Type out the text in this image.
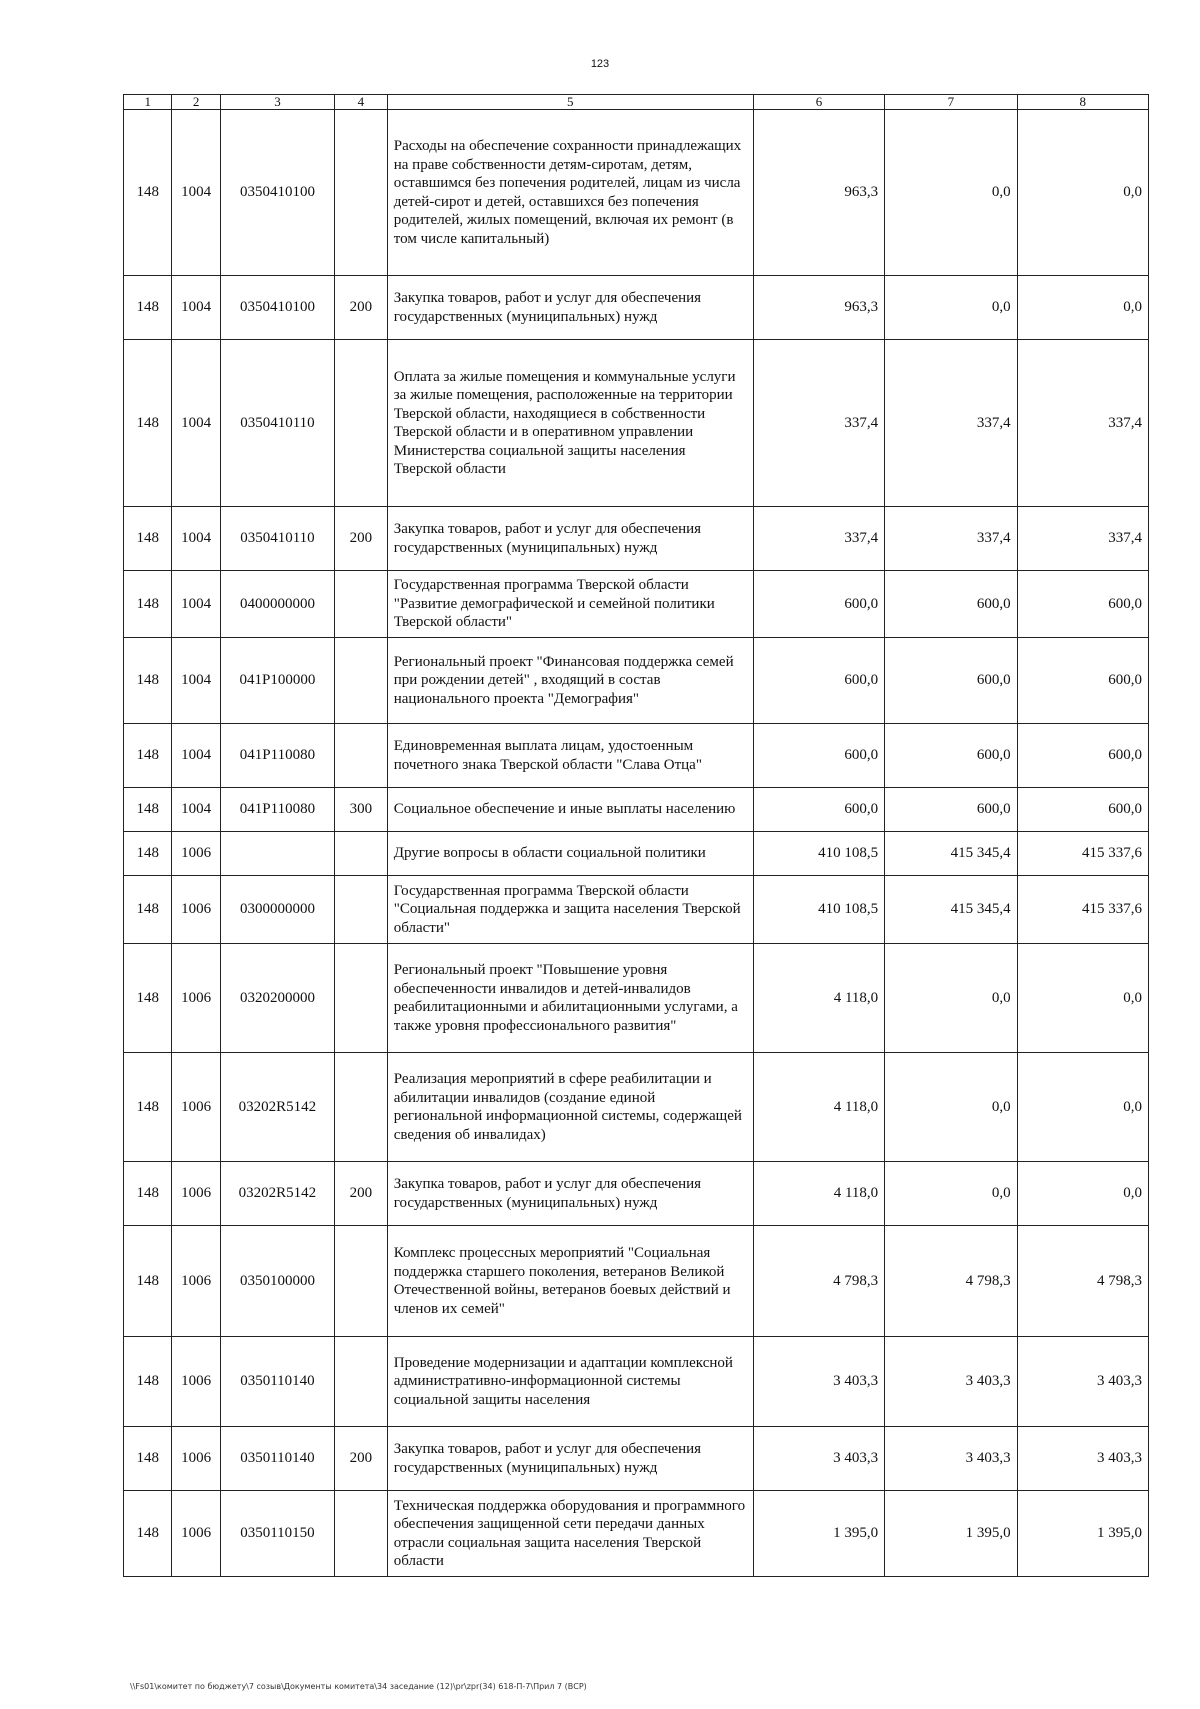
123
1	2	3	4	5	6	7	8
148	1004	0350410100		Расходы на обеспечение сохранности принадлежащих на праве собственности детям-сиротам, детям, оставшимся без попечения родителей, лицам из числа детей-сирот и детей, оставшихся без попечения родителей, жилых помещений, включая их ремонт (в том числе капитальный)	963,3	0,0	0,0
148	1004	0350410100	200	Закупка товаров, работ и услуг для обеспечения государственных (муниципальных) нужд	963,3	0,0	0,0
148	1004	0350410110		Оплата за жилые помещения и коммунальные услуги за жилые помещения, расположенные на территории Тверской области, находящиеся в собственности Тверской области и в оперативном управлении Министерства социальной защиты населения Тверской области	337,4	337,4	337,4
148	1004	0350410110	200	Закупка товаров, работ и услуг для обеспечения государственных (муниципальных) нужд	337,4	337,4	337,4
148	1004	0400000000		Государственная программа Тверской области "Развитие демографической и семейной политики Тверской области"	600,0	600,0	600,0
148	1004	041P100000		Региональный проект "Финансовая поддержка семей при рождении детей" , входящий в состав национального проекта "Демография"	600,0	600,0	600,0
148	1004	041P110080		Единовременная выплата лицам, удостоенным почетного знака Тверской области "Слава Отца"	600,0	600,0	600,0
148	1004	041P110080	300	Социальное обеспечение и иные выплаты населению	600,0	600,0	600,0
148	1006			Другие вопросы в области социальной политики	410 108,5	415 345,4	415 337,6
148	1006	0300000000		Государственная программа Тверской области "Социальная поддержка и защита населения Тверской области"	410 108,5	415 345,4	415 337,6
148	1006	0320200000		Региональный проект "Повышение уровня обеспеченности инвалидов и детей-инвалидов реабилитационными и абилитационными услугами, а также уровня профессионального развития"	4 118,0	0,0	0,0
148	1006	03202R5142		Реализация мероприятий в сфере реабилитации и абилитации инвалидов (создание единой региональной информационной системы, содержащей сведения об инвалидах)	4 118,0	0,0	0,0
148	1006	03202R5142	200	Закупка товаров, работ и услуг для обеспечения государственных (муниципальных) нужд	4 118,0	0,0	0,0
148	1006	0350100000		Комплекс процессных мероприятий "Социальная поддержка старшего поколения, ветеранов Великой Отечественной войны, ветеранов боевых действий и членов их семей"	4 798,3	4 798,3	4 798,3
148	1006	0350110140		Проведение модернизации и адаптации комплексной административно-информационной системы социальной защиты населения	3 403,3	3 403,3	3 403,3
148	1006	0350110140	200	Закупка товаров, работ и услуг для обеспечения государственных (муниципальных) нужд	3 403,3	3 403,3	3 403,3
148	1006	0350110150		Техническая поддержка оборудования и программного обеспечения защищенной сети передачи данных отрасли социальная защита населения Тверской области	1 395,0	1 395,0	1 395,0
\\Fs01\комитет по бюджету\7 созыв\Документы комитета\34 заседание (12)\pr\zpr(34) 618-П-7\Прил 7 (ВСР)
